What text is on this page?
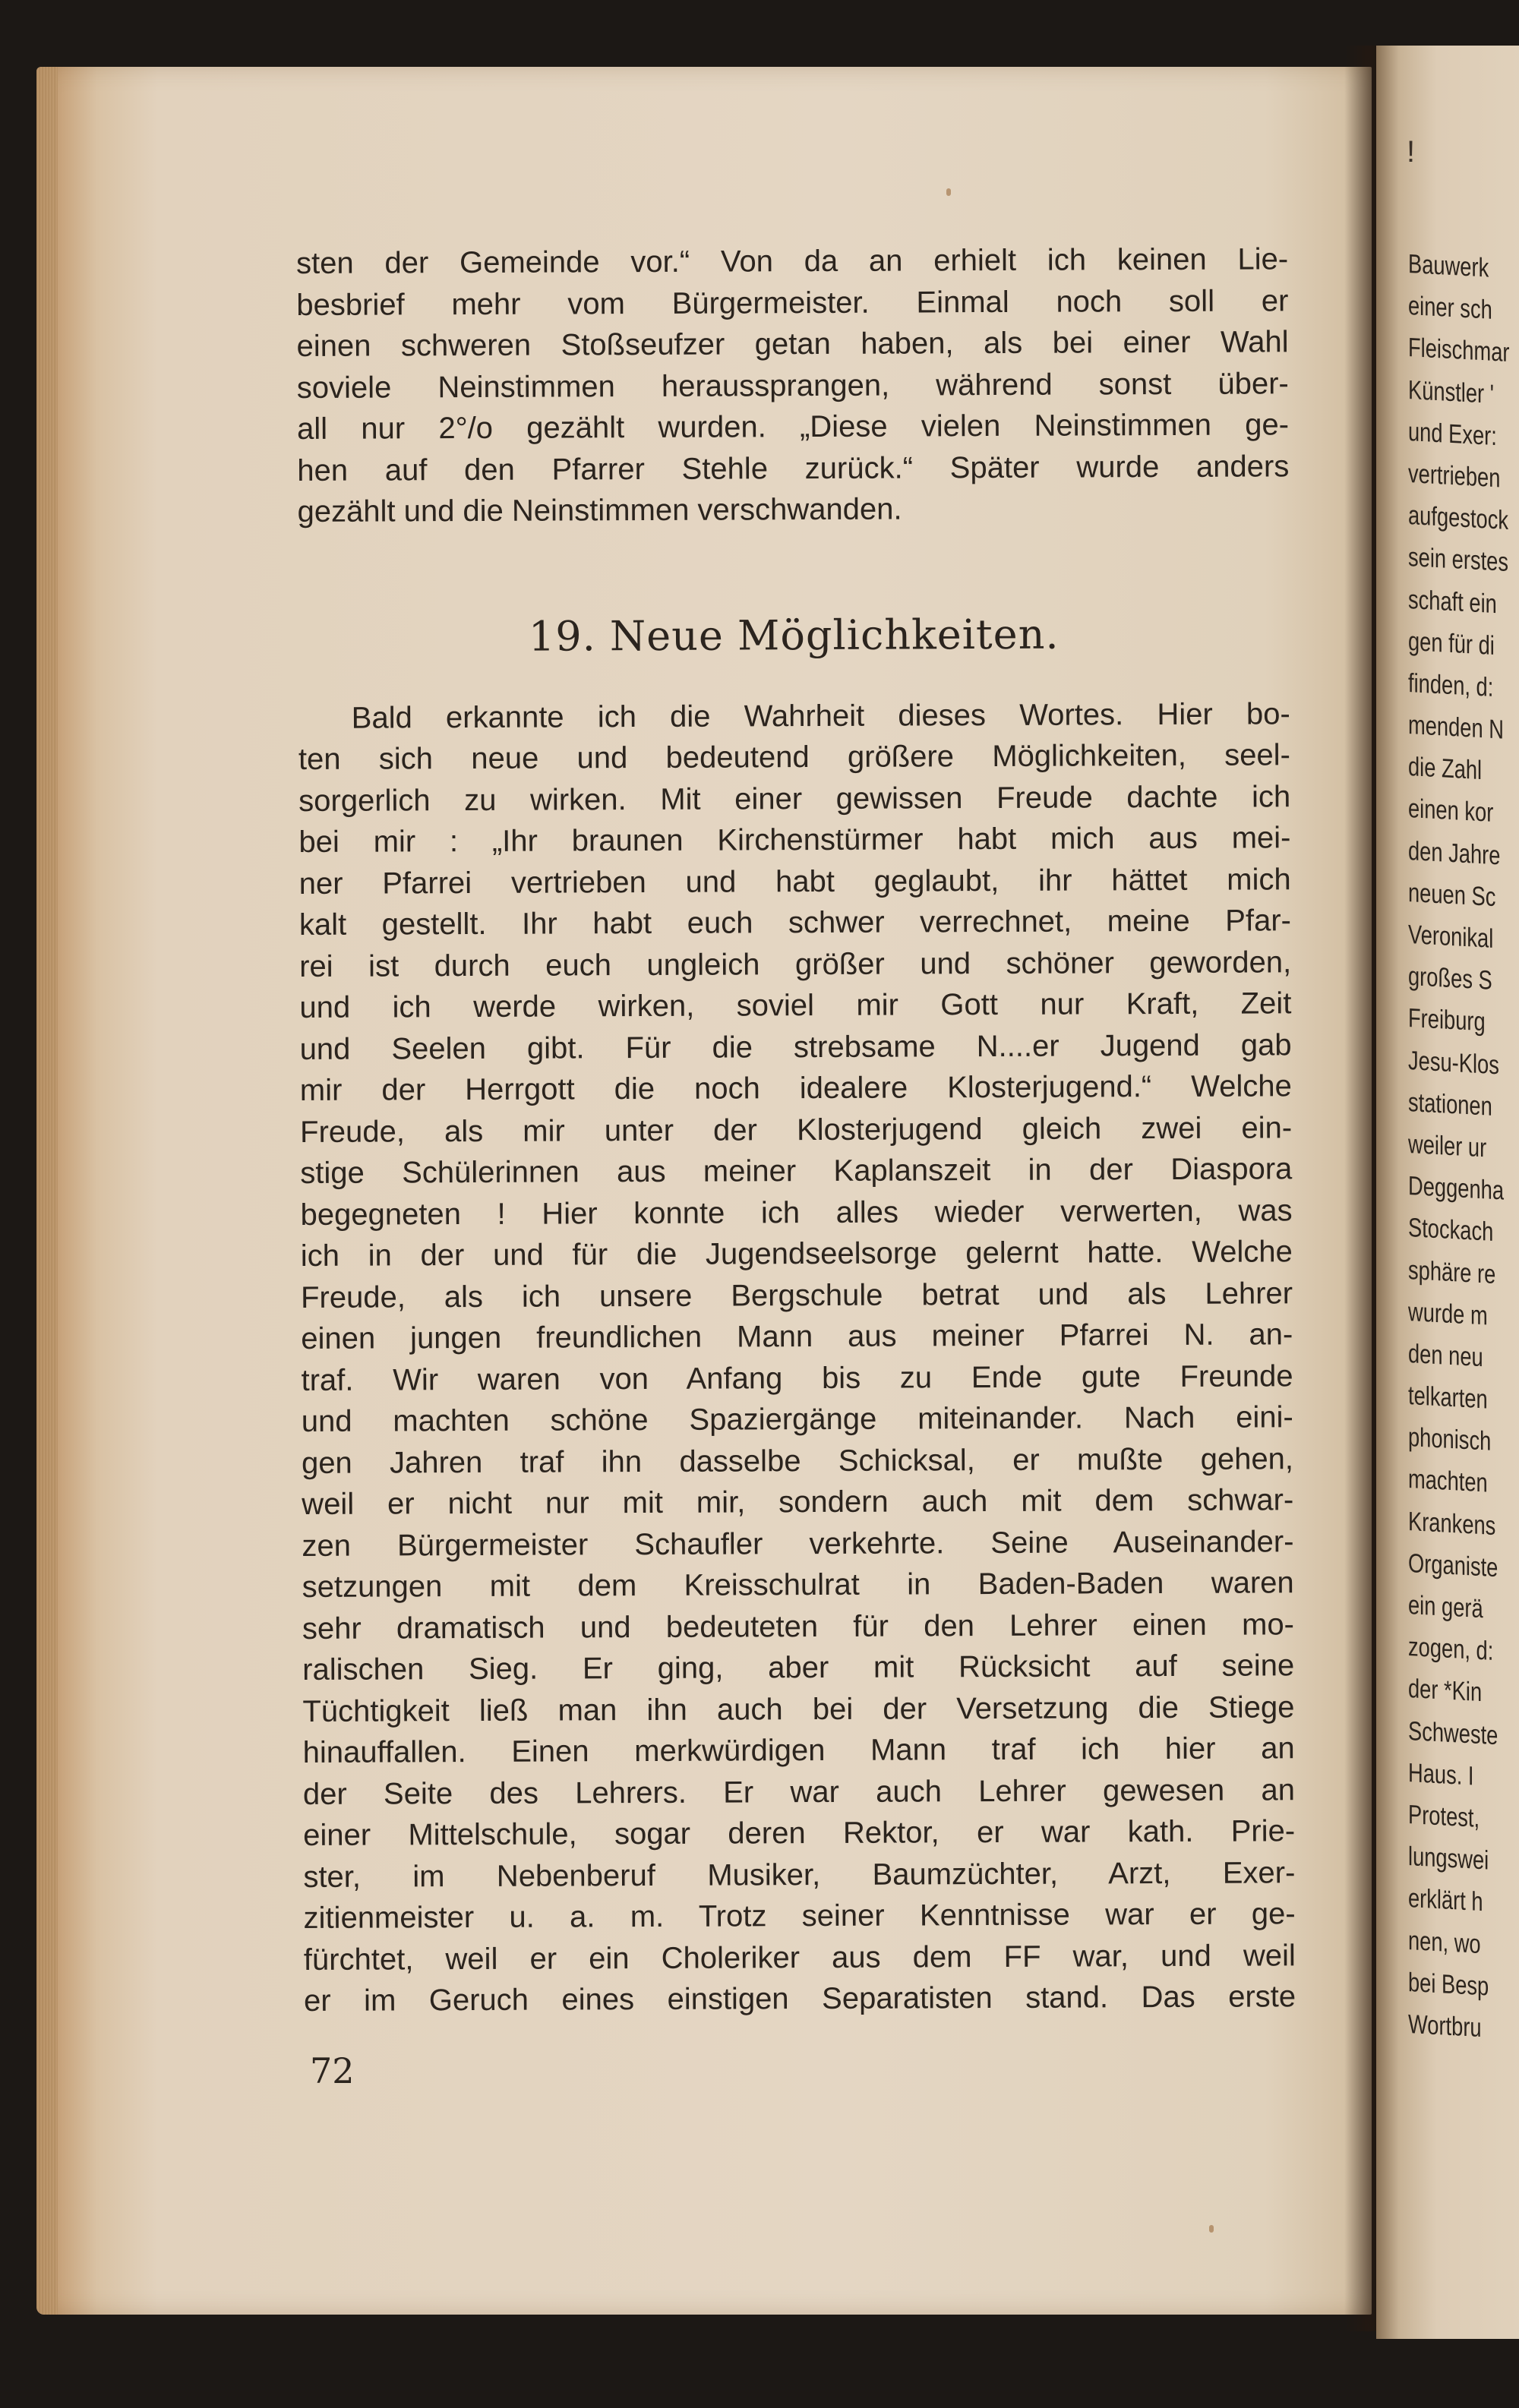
!
Bauwerk
einer sch
Fleischmar
Künstler '
und Exer:
vertrieben
aufgestock
sein erstes
schaft ein
gen für di
finden, d:
menden N
die Zahl
einen kor
den Jahre
neuen Sc
Veronikal
großes S
Freiburg
Jesu-Klos
stationen
weiler ur
Deggenha
Stockach
sphäre re
wurde m
den neu
telkarten
phonisch
machten
Krankens
Organiste
ein gerä
zogen, d:
der *Kin
Schweste
Haus. I
Protest,
lungswei
erklärt h
nen, wo
bei Besp
Wortbru
sten der Gemeinde vor.“ Von da an erhielt ich keinen Lie-
besbrief mehr vom Bürgermeister. Einmal noch soll er
einen schweren Stoßseufzer getan haben, als bei einer Wahl
soviele Neinstimmen heraussprangen, während sonst über-
all nur 2°/o gezählt wurden. „Diese vielen Neinstimmen ge-
hen auf den Pfarrer Stehle zurück.“ Später wurde anders
gezählt und die Neinstimmen verschwanden.
19. Neue Möglichkeiten.
Bald erkannte ich die Wahrheit dieses Wortes. Hier bo-
ten sich neue und bedeutend größere Möglichkeiten, seel-
sorgerlich zu wirken. Mit einer gewissen Freude dachte ich
bei mir : „Ihr braunen Kirchenstürmer habt mich aus mei-
ner Pfarrei vertrieben und habt geglaubt, ihr hättet mich
kalt gestellt. Ihr habt euch schwer verrechnet, meine Pfar-
rei ist durch euch ungleich größer und schöner geworden,
und ich werde wirken, soviel mir Gott nur Kraft, Zeit
und Seelen gibt. Für die strebsame N....er Jugend gab
mir der Herrgott die noch idealere Klosterjugend.“ Welche
Freude, als mir unter der Klosterjugend gleich zwei ein-
stige Schülerinnen aus meiner Kaplanszeit in der Diaspora
begegneten ! Hier konnte ich alles wieder verwerten, was
ich in der und für die Jugendseelsorge gelernt hatte. Welche
Freude, als ich unsere Bergschule betrat und als Lehrer
einen jungen freundlichen Mann aus meiner Pfarrei N. an-
traf. Wir waren von Anfang bis zu Ende gute Freunde
und machten schöne Spaziergänge miteinander. Nach eini-
gen Jahren traf ihn dasselbe Schicksal, er mußte gehen,
weil er nicht nur mit mir, sondern auch mit dem schwar-
zen Bürgermeister Schaufler verkehrte. Seine Auseinander-
setzungen mit dem Kreisschulrat in Baden-Baden waren
sehr dramatisch und bedeuteten für den Lehrer einen mo-
ralischen Sieg. Er ging, aber mit Rücksicht auf seine
Tüchtigkeit ließ man ihn auch bei der Versetzung die Stiege
hinauffallen. Einen merkwürdigen Mann traf ich hier an
der Seite des Lehrers. Er war auch Lehrer gewesen an
einer Mittelschule, sogar deren Rektor, er war kath. Prie-
ster, im Nebenberuf Musiker, Baumzüchter, Arzt, Exer-
zitienmeister u. a. m. Trotz seiner Kenntnisse war er ge-
fürchtet, weil er ein Choleriker aus dem FF war, und weil
er im Geruch eines einstigen Separatisten stand. Das erste
72
